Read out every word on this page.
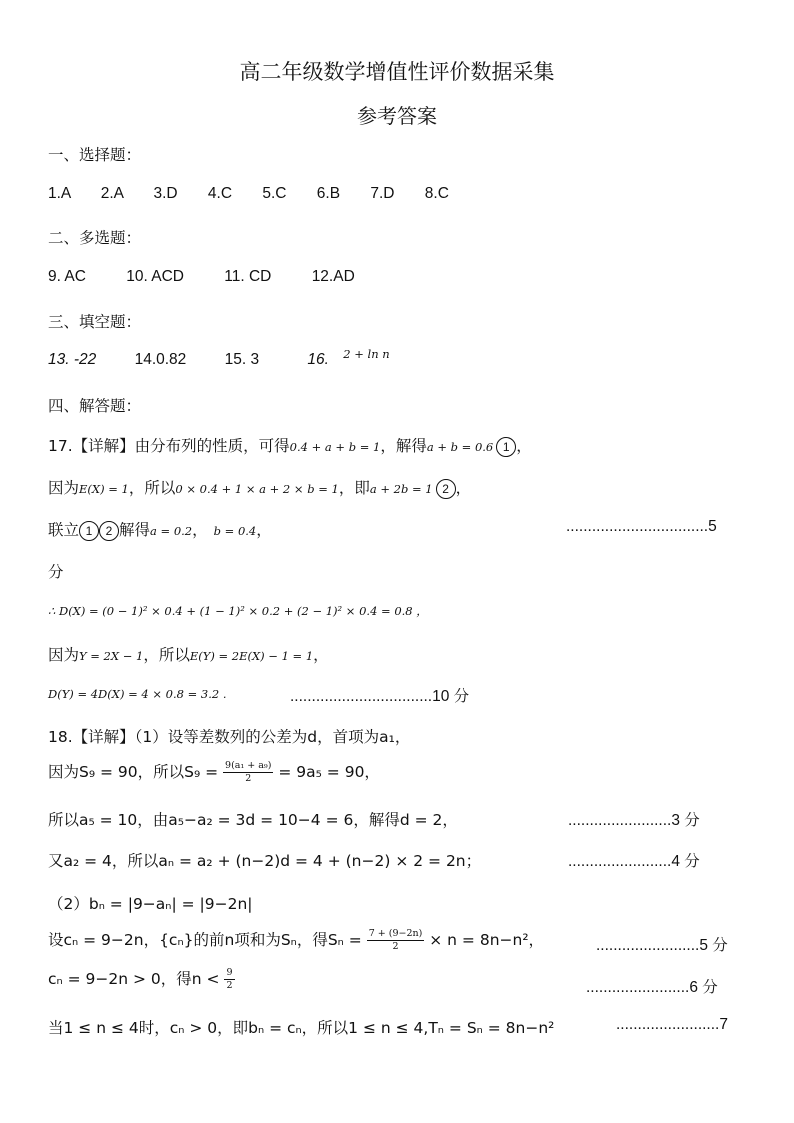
高二年级数学增值性评价数据采集
参考答案
一、选择题：
1.A 2.A 3.D 4.C 5.C 6.B 7.D 8.C
二、多选题：
9. AC	10. ACD	11. CD	12.AD
三、填空题：
13. -22 14.0.82 15. 3	16. $^{2 + ln n}$
四、解答题：
17.【详解】由分布列的性质，可得0.4 + a + b = 1，解得a + b = 0.6 1 ，
因为E(X) = 1，所以0 × 0.4 + 1 × a + 2 × b = 1，即a + 2b = 1 2 ，
联立 1 2 解得a = 0.2， b = 0.4，	.................................5
分
∴ D(X) = (0 − 1)² × 0.4 + (1 − 1)² × 0.2 + (2 − 1)² × 0.4 = 0.8 ，
因为Y = 2X − 1，所以E(Y) = 2E(X) − 1 = 1，
D(Y) = 4D(X) = 4 × 0.8 = 3.2 .	.................................10 分
18.【详解】（1）设等差数列的公差为d，首项为a₁，
因为S₉ = 90，所以$S_9 = \frac{\text{9(a₁ + a₉)}}{2} = 9a_5 = 90$，
所以a₅ = 10，由a₅−a₂ = 3d = 10−4 = 6，解得d = 2，	........................3 分
又a₂ = 4，所以aₙ = a₂ + (n−2)d = 4 + (n−2) × 2 = 2n；	........................4 分
（2）bₙ = |9−aₙ| = |9−2n|
设cₙ = 9−2n，{cₙ}的前n项和为Sₙ，得$S_n = \frac{7 + (9-2n)}{2} \times n = 8n-n^2$，	........................5 分
cₙ = 9−2n > 0，得$n < \frac{9}{2}$	........................6 分
当1 ≤ n ≤ 4时，cₙ > 0，即bₙ = cₙ，所以1 ≤ n ≤ 4,Tₙ = Sₙ = 8n−n²	........................7
